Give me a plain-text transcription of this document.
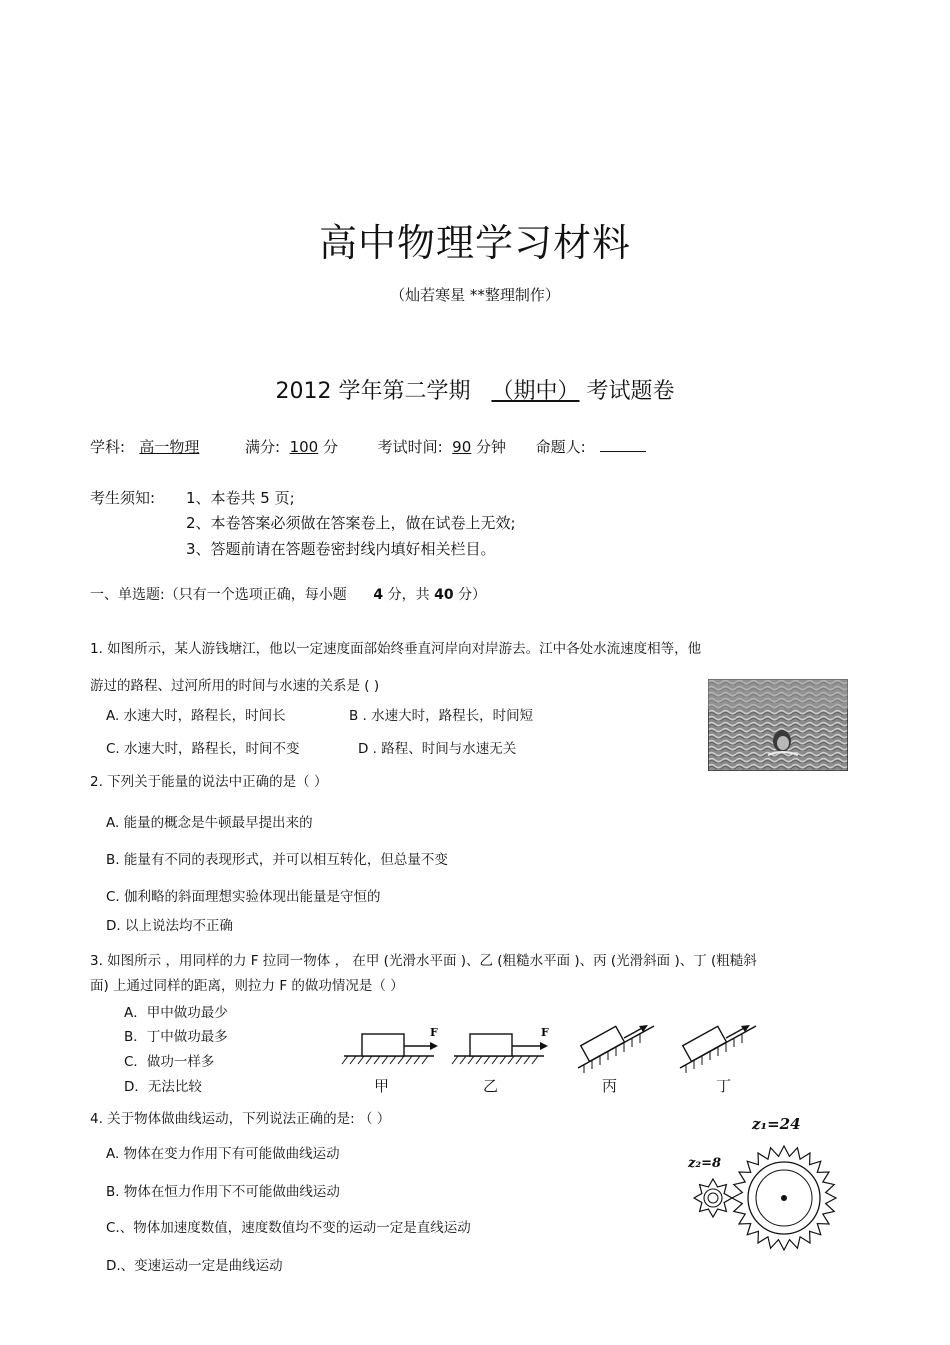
高中物理学习材料
（灿若寒星 **整理制作）
2012 学年第二学期 （期中） 考试题卷
学科: 高一物理	满分: 100 分	考试时间: 90 分钟 命题人:
考生须知: 1、本卷共 5 页;
2、本卷答案必须做在答案卷上，做在试卷上无效;
3、答题前请在答题卷密封线内填好相关栏目。
一、单选题:（只有一个选项正确，每小题 4 分，共 40 分）
1. 如图所示，某人游钱塘江，他以一定速度面部始终垂直河岸向对岸游去。江中各处水流速度相等，他
游过的路程、过河所用的时间与水速的关系是 ( )
A. 水速大时，路程长，时间长	B . 水速大时，路程长，时间短
C. 水速大时，路程长，时间不变	D . 路程、时间与水速无关
2. 下列关于能量的说法中正确的是（ ）
A. 能量的概念是牛顿最早提出来的
B. 能量有不同的表现形式，并可以相互转化，但总量不变
C. 伽利略的斜面理想实验体现出能量是守恒的
D. 以上说法均不正确
3. 如图所示 ，用同样的力 F 拉同一物体 ， 在甲 (光滑水平面 )、乙 (粗糙水平面 )、丙 (光滑斜面 )、丁 (粗糙斜
面) 上通过同样的距离，则拉力 F 的做功情况是（ ）
A．甲中做功最少
B．丁中做功最多
C．做功一样多
D．无法比较
F	F
甲	乙	丙	丁
4. 关于物体做曲线运动，下列说法正确的是: （ ）
A. 物体在变力作用下有可能做曲线运动
B. 物体在恒力作用下不可能做曲线运动
C.、物体加速度数值，速度数值均不变的运动一定是直线运动
D.、变速运动一定是曲线运动
z₁=24
z₂=8
